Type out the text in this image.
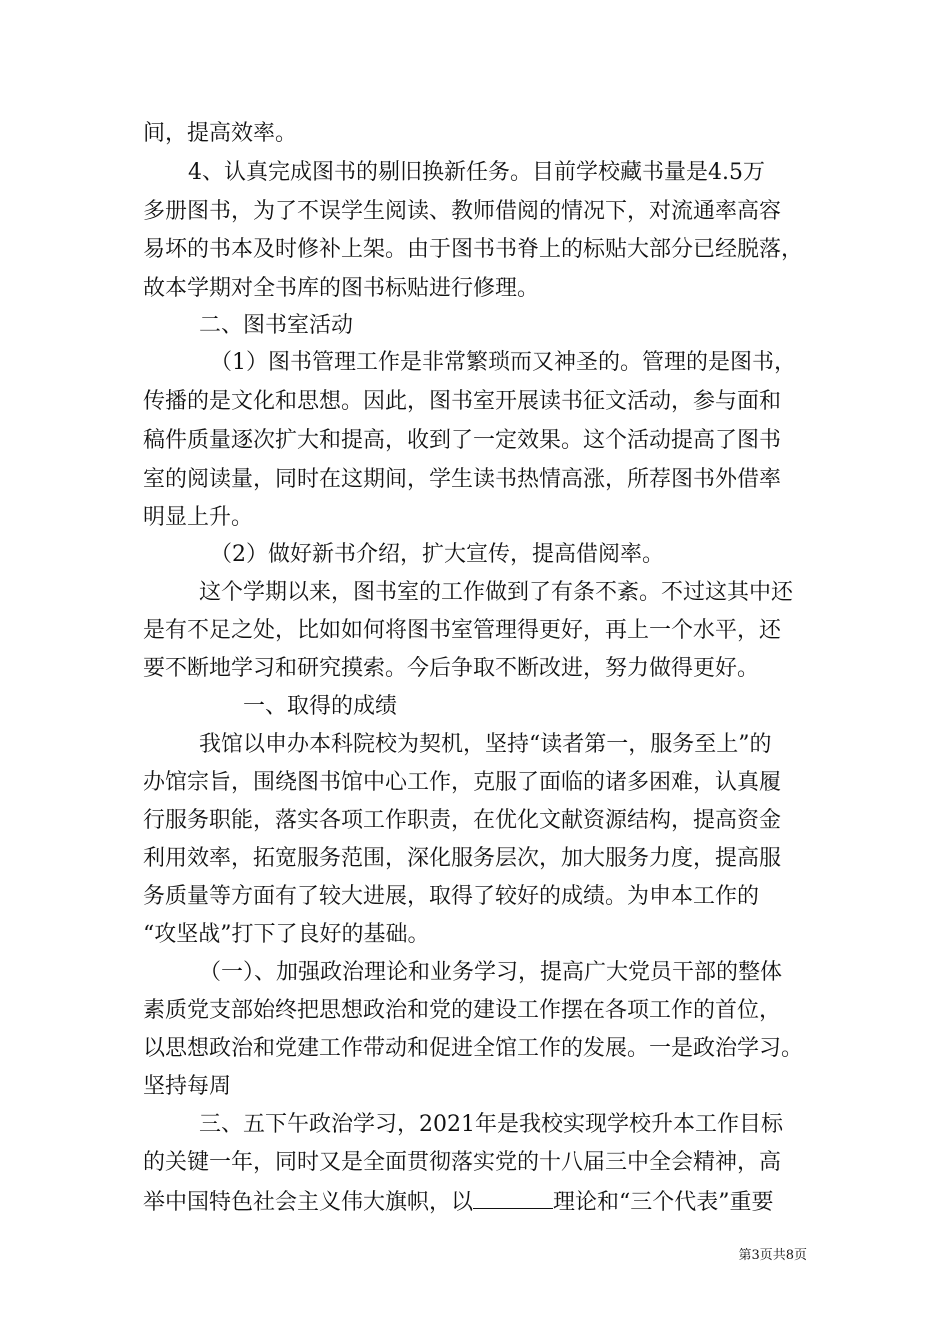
间，提高效率。
4、认真完成图书的剔旧换新任务。目前学校藏书量是4.5万
多册图书，为了不误学生阅读、教师借阅的情况下，对流通率高容
易坏的书本及时修补上架。由于图书书脊上的标贴大部分已经脱落，
故本学期对全书库的图书标贴进行修理。
二、图书室活动
（1）图书管理工作是非常繁琐而又神圣的。管理的是图书，
传播的是文化和思想。因此，图书室开展读书征文活动，参与面和
稿件质量逐次扩大和提高，收到了一定效果。这个活动提高了图书
室的阅读量，同时在这期间，学生读书热情高涨，所荐图书外借率
明显上升。
（2）做好新书介绍，扩大宣传，提高借阅率。
这个学期以来，图书室的工作做到了有条不紊。不过这其中还
是有不足之处，比如如何将图书室管理得更好，再上一个水平，还
要不断地学习和研究摸索。今后争取不断改进，努力做得更好。
一、取得的成绩
我馆以申办本科院校为契机，坚持“读者第一，服务至上”的
办馆宗旨，围绕图书馆中心工作，克服了面临的诸多困难，认真履
行服务职能，落实各项工作职责，在优化文献资源结构，提高资金
利用效率，拓宽服务范围，深化服务层次，加大服务力度，提高服
务质量等方面有了较大进展，取得了较好的成绩。为申本工作的
“攻坚战”打下了良好的基础。
（一）、加强政治理论和业务学习，提高广大党员干部的整体
素质党支部始终把思想政治和党的建设工作摆在各项工作的首位，
以思想政治和党建工作带动和促进全馆工作的发展。一是政治学习。
坚持每周
三、五下午政治学习，2021年是我校实现学校升本工作目标
的关键一年，同时又是全面贯彻落实党的十八届三中全会精神，高
举中国特色社会主义伟大旗帜，以	理论和“三个代表”重要
第3页共8页
